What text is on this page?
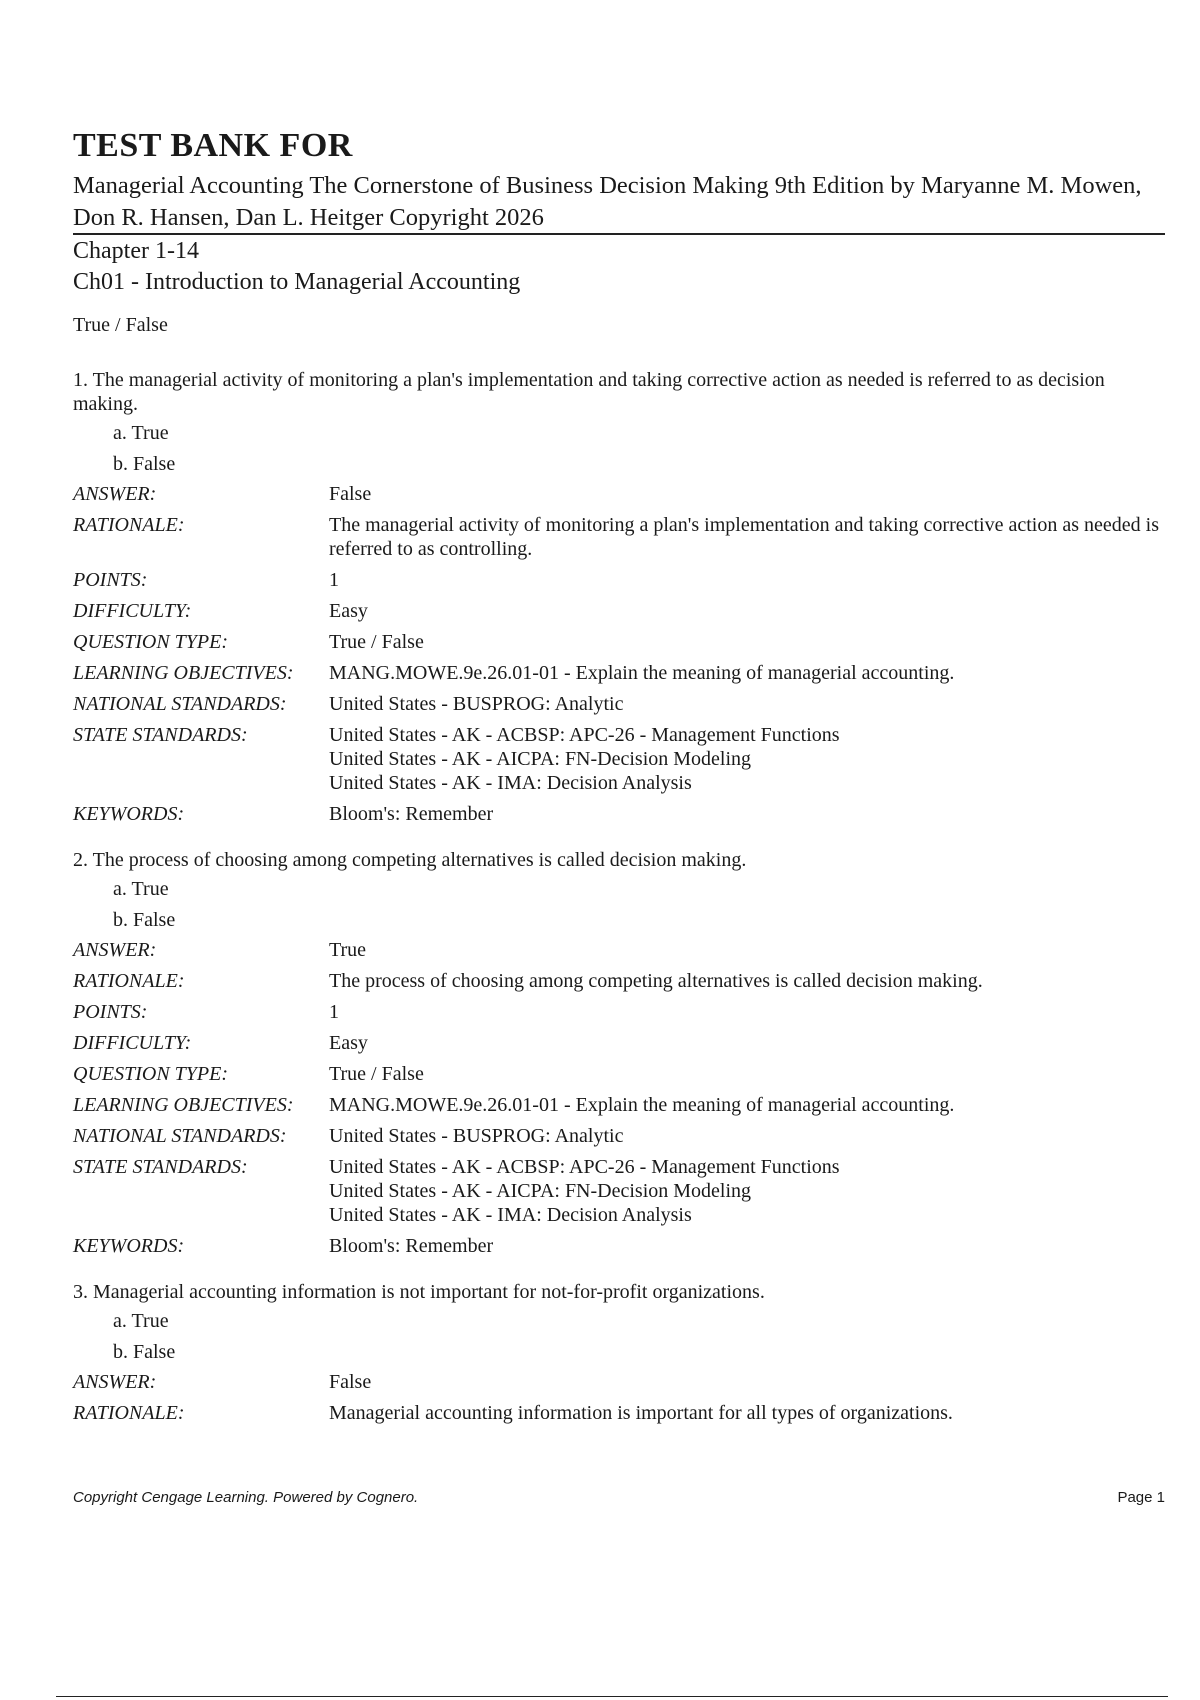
TEST BANK FOR
Managerial Accounting The Cornerstone of Business Decision Making 9th Edition by Maryanne M. Mowen, Don R. Hansen, Dan L. Heitger Copyright 2026
Chapter 1-14
Ch01 - Introduction to Managerial Accounting
True / False
1. The managerial activity of monitoring a plan's implementation and taking corrective action as needed is referred to as decision making.
a. True
b. False
ANSWER:	False
RATIONALE:	The managerial activity of monitoring a plan's implementation and taking corrective action as needed is referred to as controlling.
POINTS:	1
DIFFICULTY:	Easy
QUESTION TYPE:	True / False
LEARNING OBJECTIVES:	MANG.MOWE.9e.26.01-01 - Explain the meaning of managerial accounting.
NATIONAL STANDARDS:	United States - BUSPROG: Analytic
STATE STANDARDS:	United States - AK - ACBSP: APC-26 - Management Functions
United States - AK - AICPA: FN-Decision Modeling
United States - AK - IMA: Decision Analysis
KEYWORDS:	Bloom's: Remember
2. The process of choosing among competing alternatives is called decision making.
a. True
b. False
ANSWER:	True
RATIONALE:	The process of choosing among competing alternatives is called decision making.
POINTS:	1
DIFFICULTY:	Easy
QUESTION TYPE:	True / False
LEARNING OBJECTIVES:	MANG.MOWE.9e.26.01-01 - Explain the meaning of managerial accounting.
NATIONAL STANDARDS:	United States - BUSPROG: Analytic
STATE STANDARDS:	United States - AK - ACBSP: APC-26 - Management Functions
United States - AK - AICPA: FN-Decision Modeling
United States - AK - IMA: Decision Analysis
KEYWORDS:	Bloom's: Remember
3. Managerial accounting information is not important for not-for-profit organizations.
a. True
b. False
ANSWER:	False
RATIONALE:	Managerial accounting information is important for all types of organizations.
Copyright Cengage Learning. Powered by Cognero.	Page 1
